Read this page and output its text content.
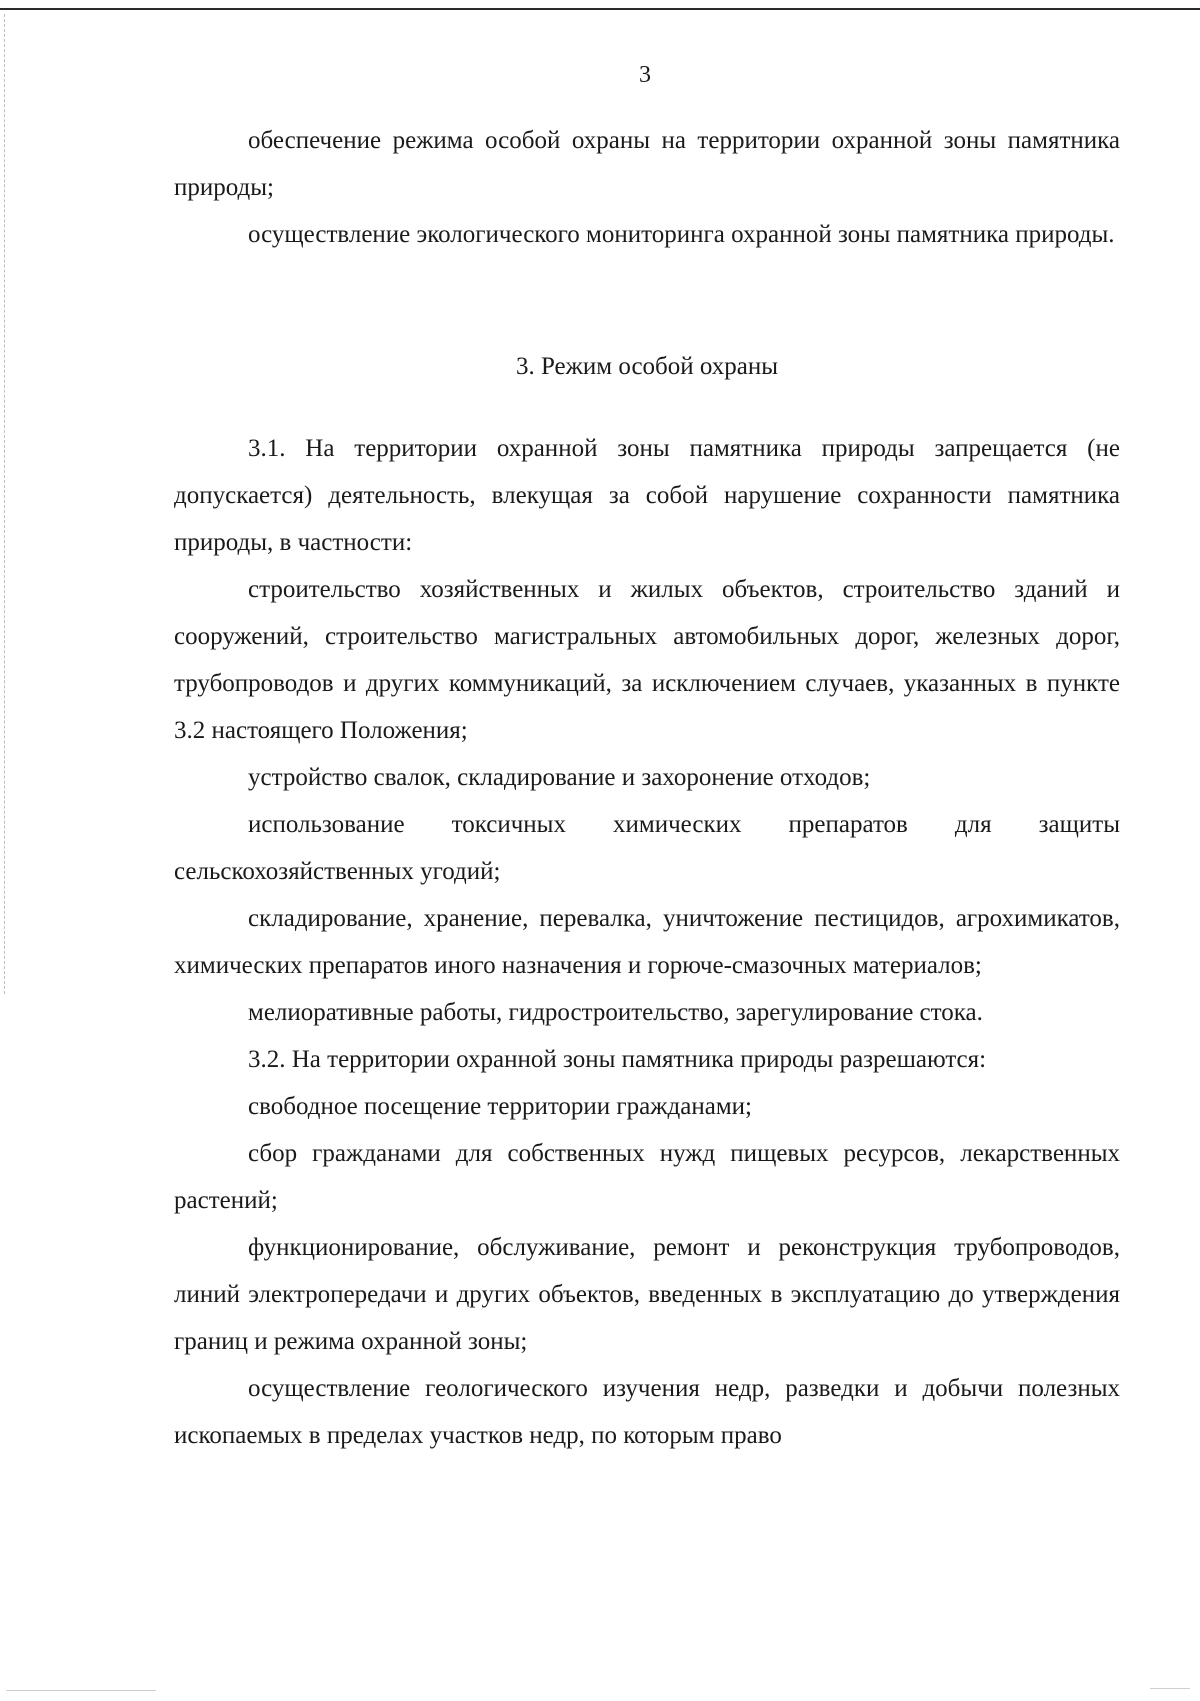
3

обеспечение режима особой охраны на территории охранной зоны памятника природы;

осуществление экологического мониторинга охранной зоны памятника природы.

3. Режим особой охраны

3.1. На территории охранной зоны памятника природы запрещается (не допускается) деятельность, влекущая за собой нарушение сохранности памятника природы, в частности:

строительство хозяйственных и жилых объектов, строительство зданий и сооружений, строительство магистральных автомобильных дорог, железных дорог, трубопроводов и других коммуникаций, за исключением случаев, указанных в пункте 3.2 настоящего Положения;

устройство свалок, складирование и захоронение отходов;

использование токсичных химических препаратов для защиты сельскохозяйственных угодий;

складирование, хранение, перевалка, уничтожение пестицидов, агрохимикатов, химических препаратов иного назначения и горюче-смазочных материалов;

мелиоративные работы, гидростроительство, зарегулирование стока.

3.2. На территории охранной зоны памятника природы разрешаются:

свободное посещение территории гражданами;

сбор гражданами для собственных нужд пищевых ресурсов, лекарственных растений;

функционирование, обслуживание, ремонт и реконструкция трубопроводов, линий электропередачи и других объектов, введенных в эксплуатацию до утверждения границ и режима охранной зоны;

осуществление геологического изучения недр, разведки и добычи полезных ископаемых в пределах участков недр, по которым право
